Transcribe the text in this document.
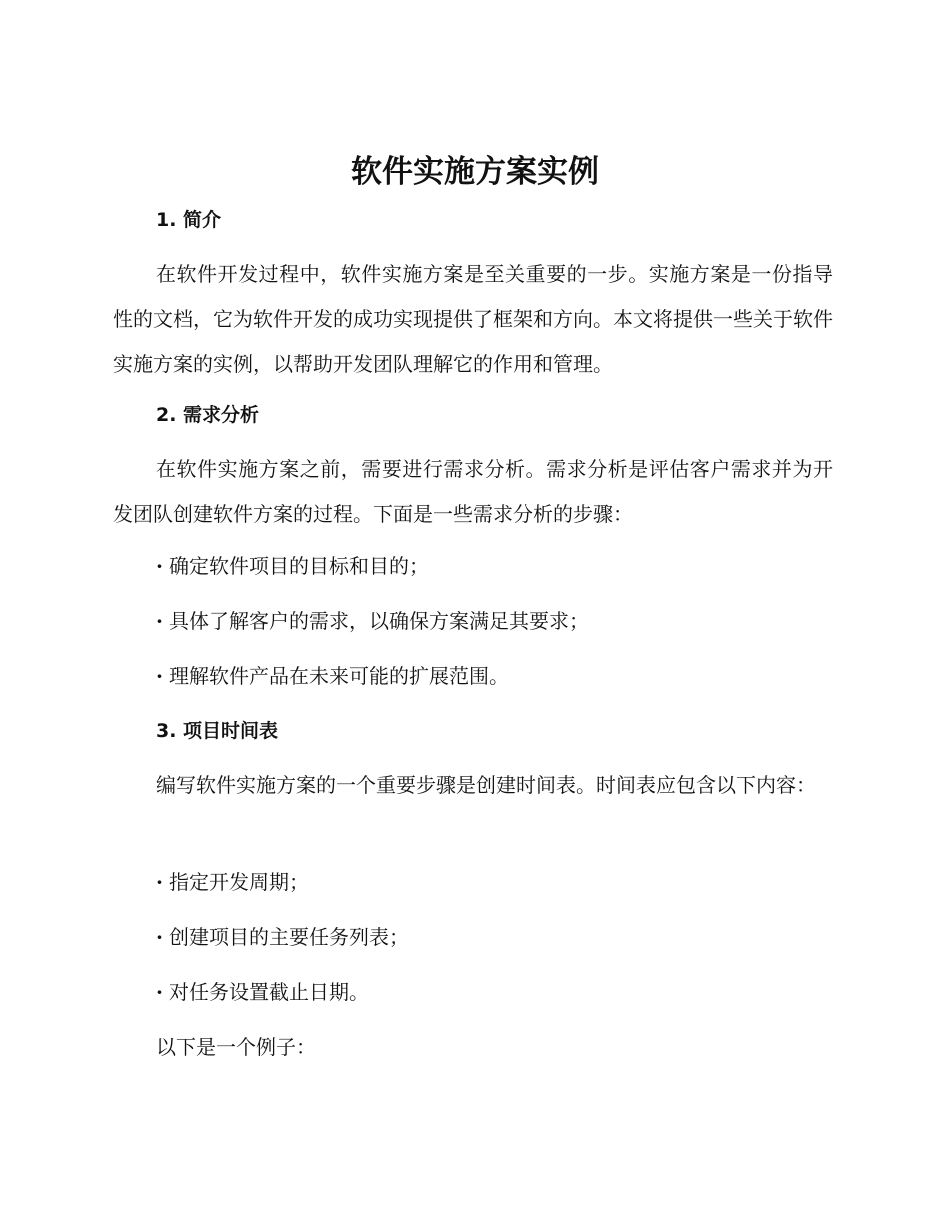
软件实施方案实例
1. 简介

在软件开发过程中，软件实施方案是至关重要的一步。实施方案是一份指导性的文档，它为软件开发的成功实现提供了框架和方向。本文将提供一些关于软件实施方案的实例，以帮助开发团队理解它的作用和管理。

2. 需求分析

在软件实施方案之前，需要进行需求分析。需求分析是评估客户需求并为开发团队创建软件方案的过程。下面是一些需求分析的步骤：

· 确定软件项目的目标和目的；
· 具体了解客户的需求，以确保方案满足其要求；
· 理解软件产品在未来可能的扩展范围。
3. 项目时间表

编写软件实施方案的一个重要步骤是创建时间表。时间表应包含以下内容：

· 指定开发周期；
· 创建项目的主要任务列表；
· 对任务设置截止日期。

以下是一个例子：
